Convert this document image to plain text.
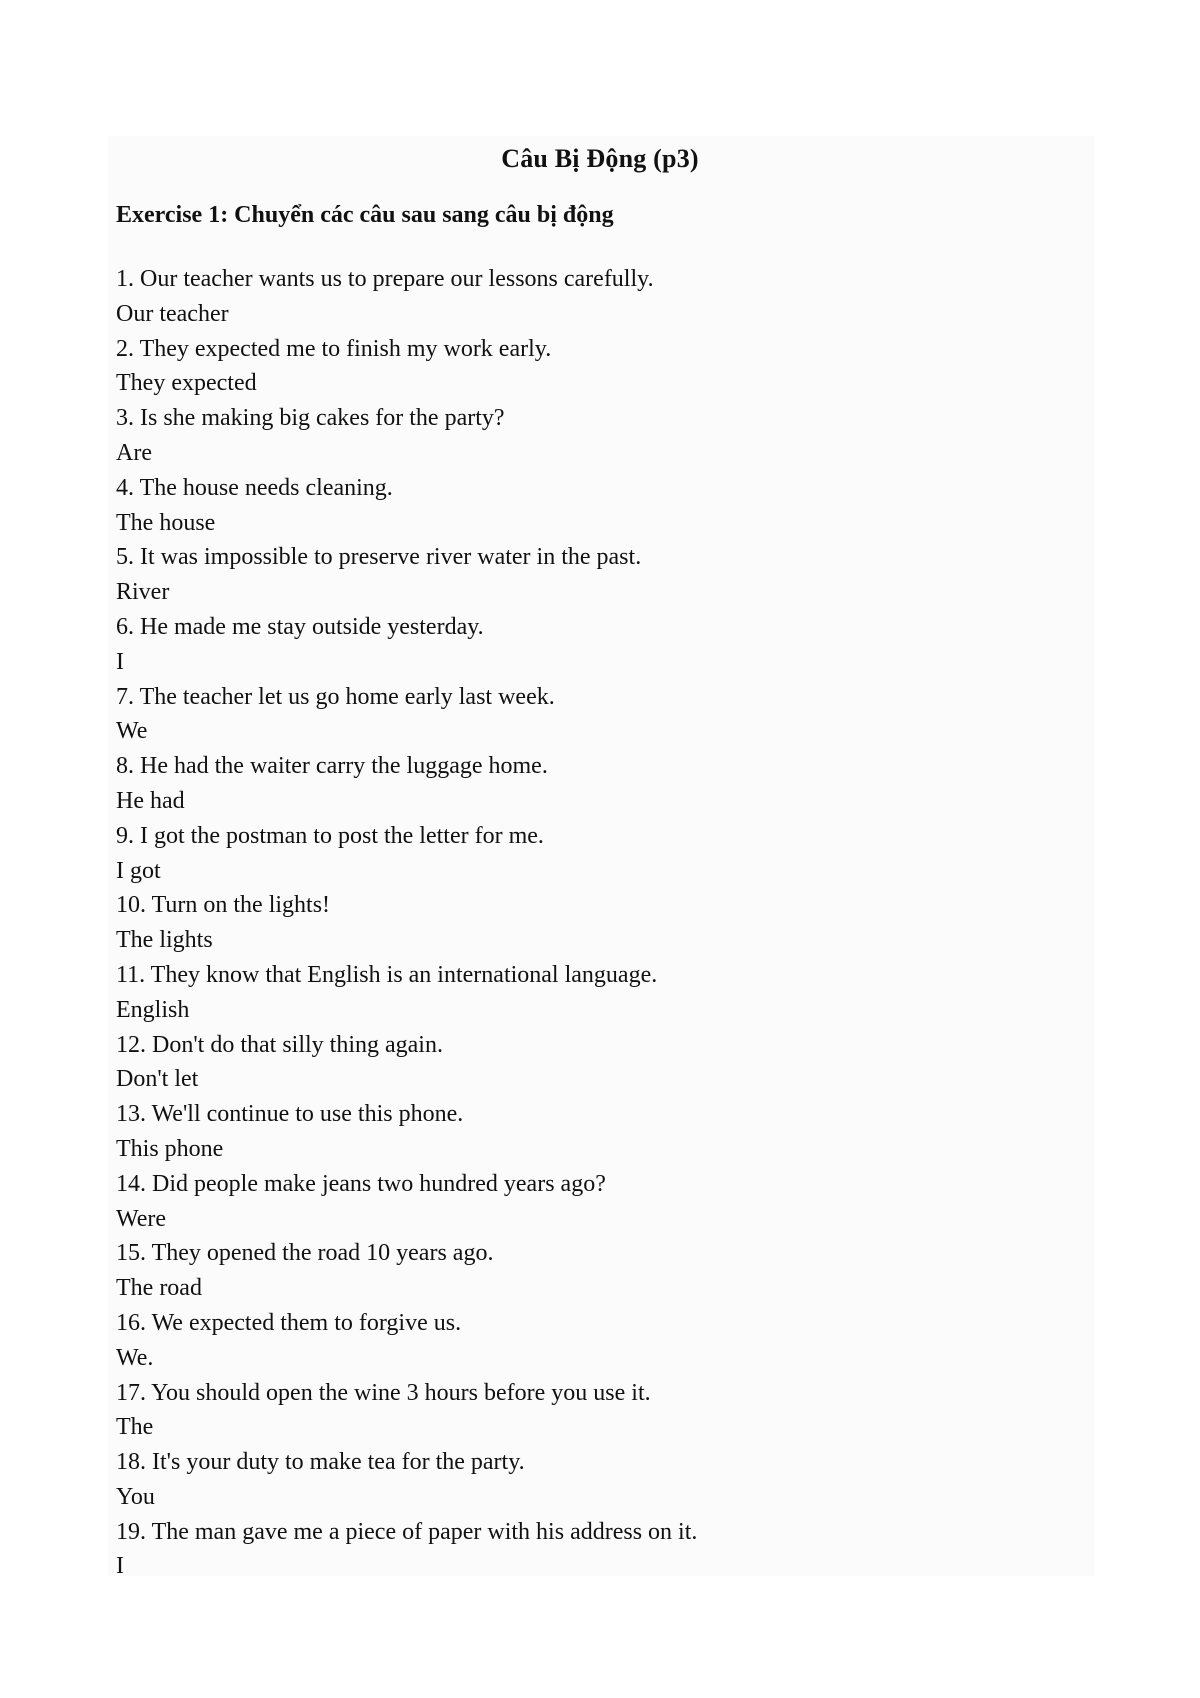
Câu Bị Động (p3)
Exercise 1: Chuyển các câu sau sang câu bị động
1. Our teacher wants us to prepare our lessons carefully.
Our teacher
2. They expected me to finish my work early.
They expected
3. Is she making big cakes for the party?
Are
4. The house needs cleaning.
The house
5. It was impossible to preserve river water in the past.
River
6. He made me stay outside yesterday.
I
7. The teacher let us go home early last week.
We
8. He had the waiter carry the luggage home.
He had
9. I got the postman to post the letter for me.
I got
10. Turn on the lights!
The lights
11. They know that English is an international language.
English
12. Don't do that silly thing again.
Don't let
13. We'll continue to use this phone.
This phone
14. Did people make jeans two hundred years ago?
Were
15. They opened the road 10 years ago.
The road
16. We expected them to forgive us.
We.
17. You should open the wine 3 hours before you use it.
The
18. It's your duty to make tea for the party.
You
19. The man gave me a piece of paper with his address on it.
I
